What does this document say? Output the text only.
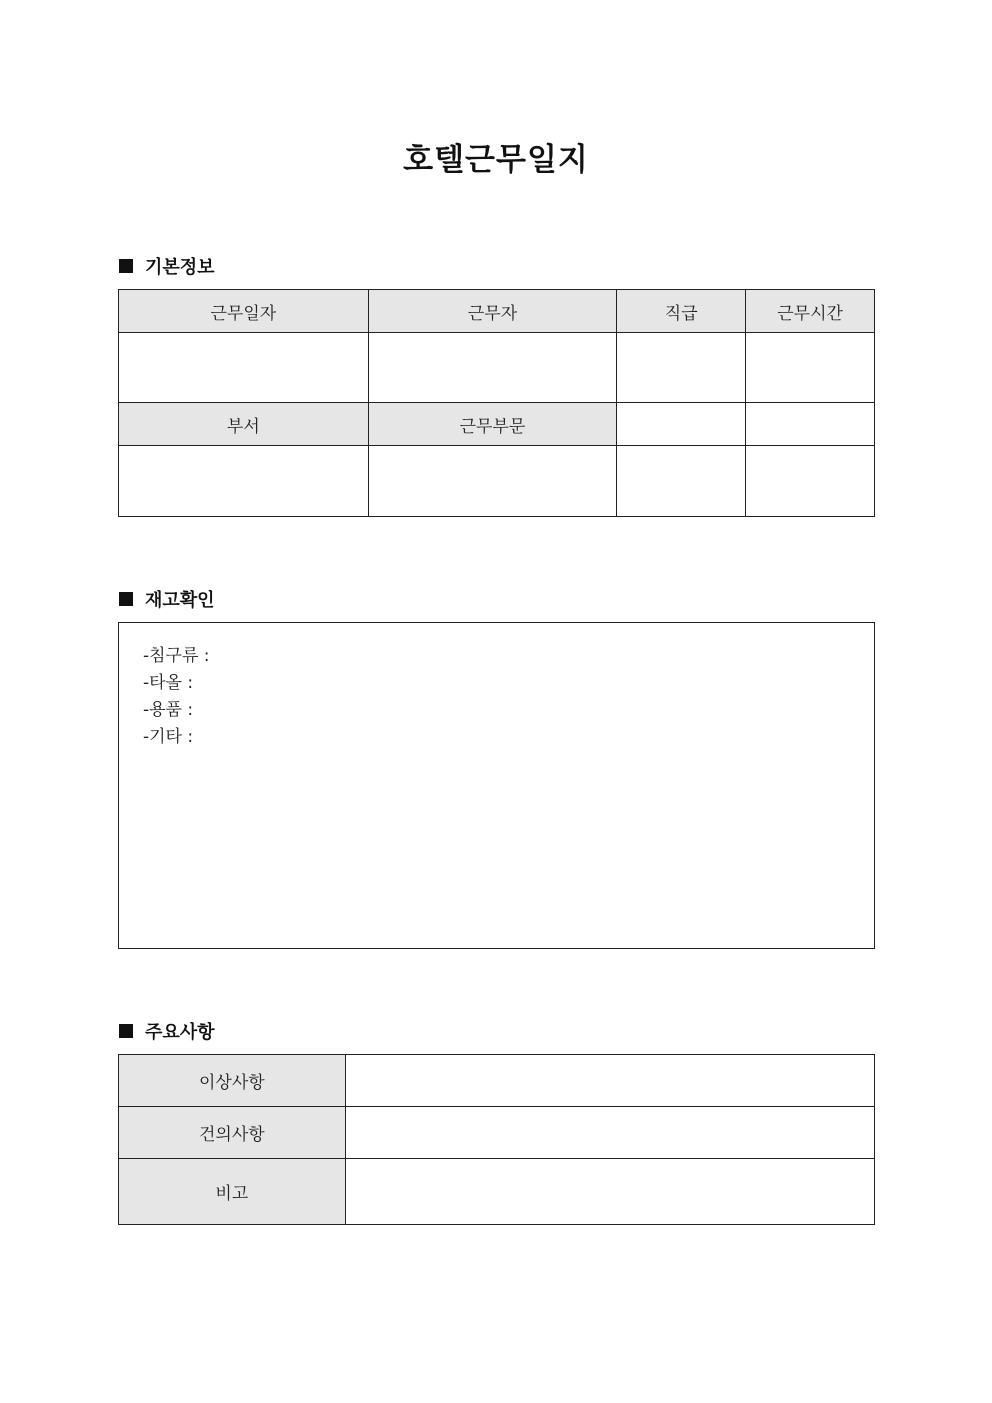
호텔근무일지
기본정보
근무일자	근무자	직급	근무시간

부서	근무부문		

재고확인
-침구류 :
-타올 :
-용품 :
-기타 :
주요사항
이상사항	
건의사항	
비고	
